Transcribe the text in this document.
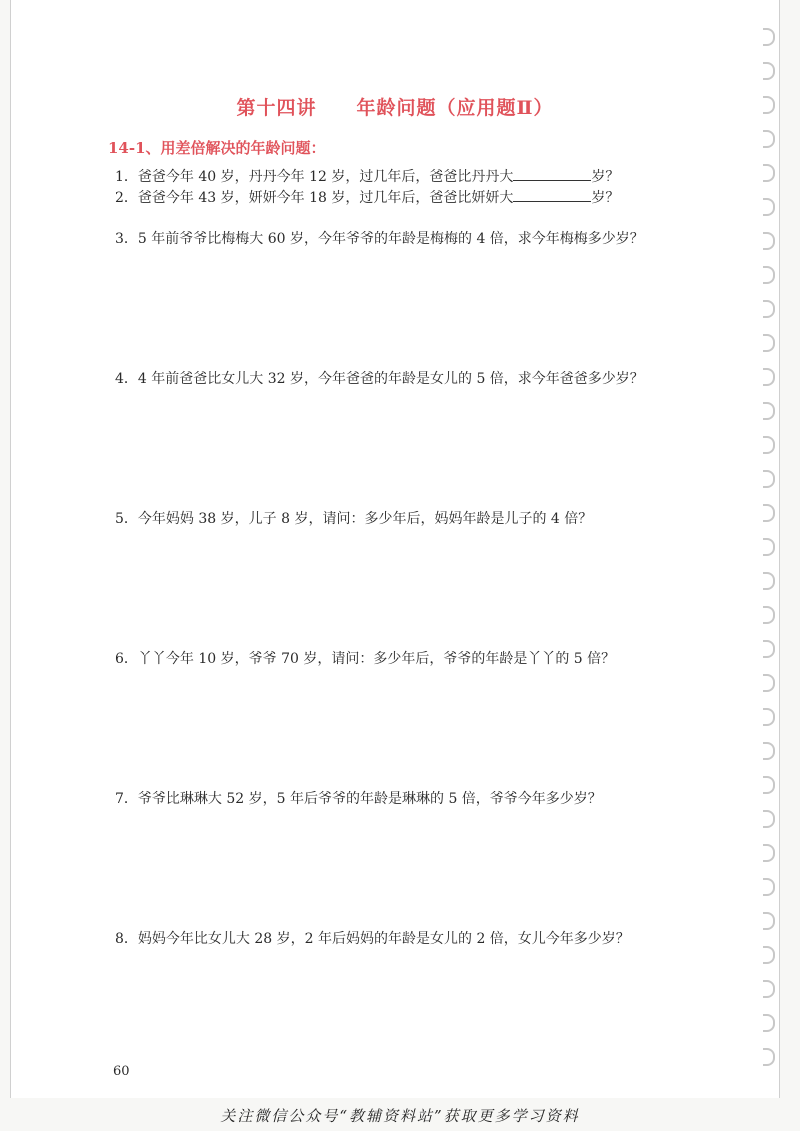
第十四讲　　年龄问题（应用题Ⅱ）
14-1、用差倍解决的年龄问题：
1．爸爸今年 40 岁，丹丹今年 12 岁，过几年后，爸爸比丹丹大	岁？
2．爸爸今年 43 岁，妍妍今年 18 岁，过几年后，爸爸比妍妍大	岁？
3．5 年前爷爷比梅梅大 60 岁，今年爷爷的年龄是梅梅的 4 倍，求今年梅梅多少岁？
4．4 年前爸爸比女儿大 32 岁，今年爸爸的年龄是女儿的 5 倍，求今年爸爸多少岁？
5．今年妈妈 38 岁，儿子 8 岁，请问：多少年后，妈妈年龄是儿子的 4 倍？
6．丫丫今年 10 岁，爷爷 70 岁，请问：多少年后，爷爷的年龄是丫丫的 5 倍？
7．爷爷比琳琳大 52 岁，5 年后爷爷的年龄是琳琳的 5 倍，爷爷今年多少岁？
8．妈妈今年比女儿大 28 岁，2 年后妈妈的年龄是女儿的 2 倍，女儿今年多少岁？
60
关注微信公众号“教辅资料站”获取更多学习资料
